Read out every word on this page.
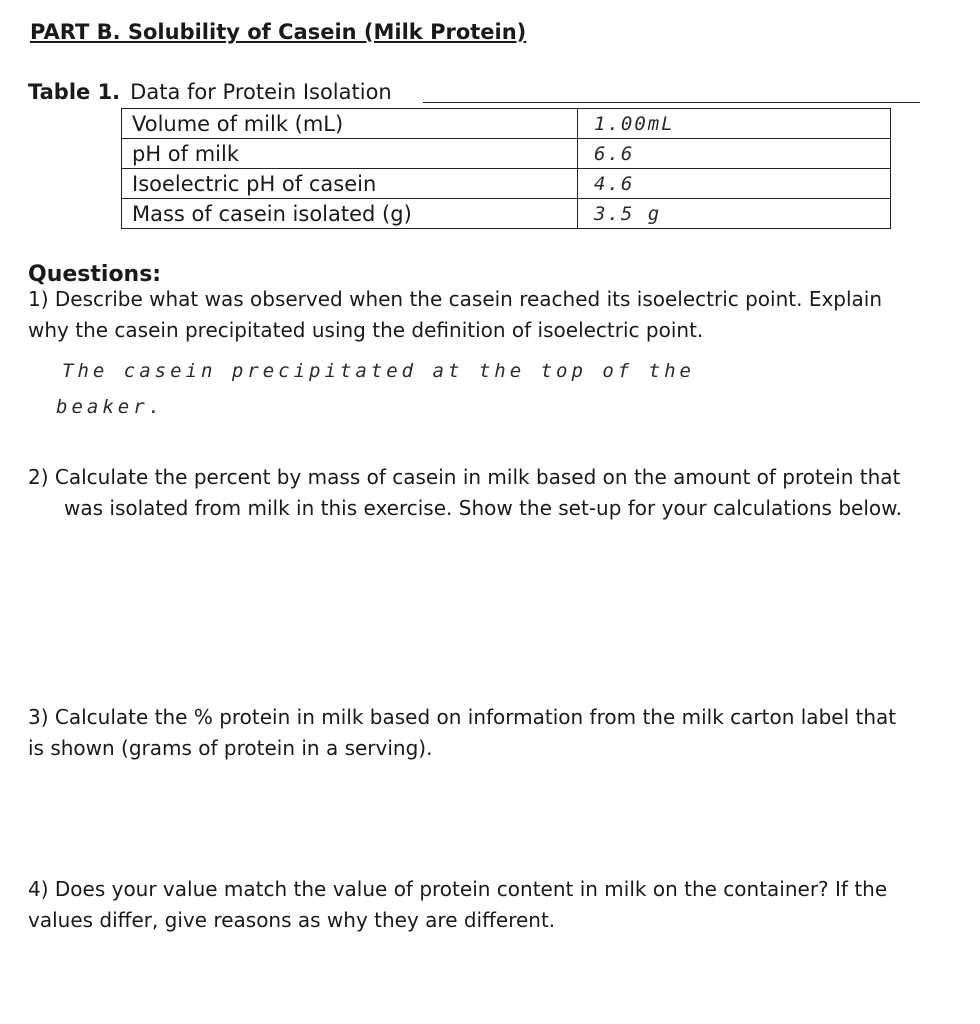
PART B. Solubility of Casein (Milk Protein)
Table 1. Data for Protein Isolation
Volume of milk (mL)	1.00mL
pH of milk	6.6
Isoelectric pH of casein	4.6
Mass of casein isolated (g)	3.5 g
Questions:
1) Describe what was observed when the casein reached its isoelectric point. Explain
why the casein precipitated using the definition of isoelectric point.
The casein precipitated at the top of the
beaker.
2) Calculate the percent by mass of casein in milk based on the amount of protein that
was isolated from milk in this exercise. Show the set-up for your calculations below.
3) Calculate the % protein in milk based on information from the milk carton label that
is shown (grams of protein in a serving).
4) Does your value match the value of protein content in milk on the container? If the
values differ, give reasons as why they are different.
